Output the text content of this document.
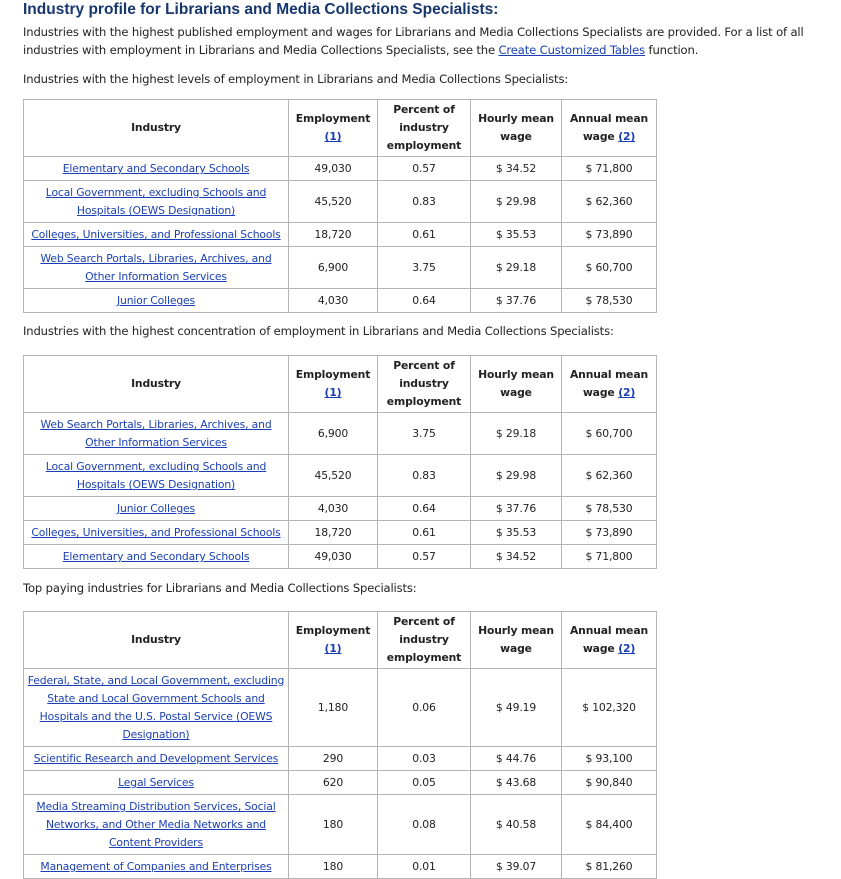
Industry profile for Librarians and Media Collections Specialists:

Industries with the highest published employment and wages for Librarians and Media Collections Specialists are provided. For a list of all industries with employment in Librarians and Media Collections Specialists, see the Create Customized Tables function.

Industries with the highest levels of employment in Librarians and Media Collections Specialists:

Industry	Employment (1)	Percent of industry employment	Hourly mean wage	Annual mean wage (2)
Elementary and Secondary Schools	49,030	0.57	$ 34.52	$ 71,800
Local Government, excluding Schools and Hospitals (OEWS Designation)	45,520	0.83	$ 29.98	$ 62,360
Colleges, Universities, and Professional Schools	18,720	0.61	$ 35.53	$ 73,890
Web Search Portals, Libraries, Archives, and Other Information Services	6,900	3.75	$ 29.18	$ 60,700
Junior Colleges	4,030	0.64	$ 37.76	$ 78,530

Industries with the highest concentration of employment in Librarians and Media Collections Specialists:

Industry	Employment (1)	Percent of industry employment	Hourly mean wage	Annual mean wage (2)
Web Search Portals, Libraries, Archives, and Other Information Services	6,900	3.75	$ 29.18	$ 60,700
Local Government, excluding Schools and Hospitals (OEWS Designation)	45,520	0.83	$ 29.98	$ 62,360
Junior Colleges	4,030	0.64	$ 37.76	$ 78,530
Colleges, Universities, and Professional Schools	18,720	0.61	$ 35.53	$ 73,890
Elementary and Secondary Schools	49,030	0.57	$ 34.52	$ 71,800

Top paying industries for Librarians and Media Collections Specialists:

Industry	Employment (1)	Percent of industry employment	Hourly mean wage	Annual mean wage (2)
Federal, State, and Local Government, excluding State and Local Government Schools and Hospitals and the U.S. Postal Service (OEWS Designation)	1,180	0.06	$ 49.19	$ 102,320
Scientific Research and Development Services	290	0.03	$ 44.76	$ 93,100
Legal Services	620	0.05	$ 43.68	$ 90,840
Media Streaming Distribution Services, Social Networks, and Other Media Networks and Content Providers	180	0.08	$ 40.58	$ 84,400
Management of Companies and Enterprises	180	0.01	$ 39.07	$ 81,260
